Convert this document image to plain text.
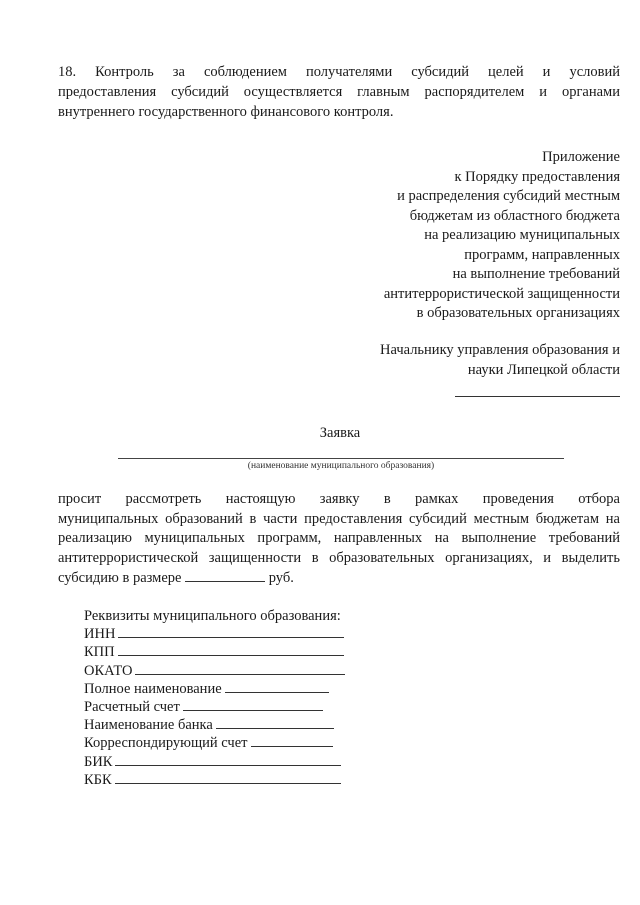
18. Контроль за соблюдением получателями субсидий целей и условий
предоставления субсидий осуществляется главным распорядителем и органами
внутреннего государственного финансового контроля.
Приложение
к Порядку предоставления
и распределения субсидий местным
бюджетам из областного бюджета
на реализацию муниципальных
программ, направленных
на выполнение требований
антитеррористической защищенности
в образовательных организациях
Начальнику управления образования и
науки Липецкой области
Заявка
(наименование муниципального образования)
просит рассмотреть настоящую заявку в рамках проведения отбора
муниципальных образований в части предоставления субсидий местным бюджетам на
реализацию муниципальных программ, направленных на выполнение требований
антитеррористической защищенности в образовательных организациях, и выделить
субсидию в размере	руб.
Реквизиты муниципального образования:
ИНН
КПП
ОКАТО
Полное наименование
Расчетный счет
Наименование банка
Корреспондирующий счет
БИК
КБК
